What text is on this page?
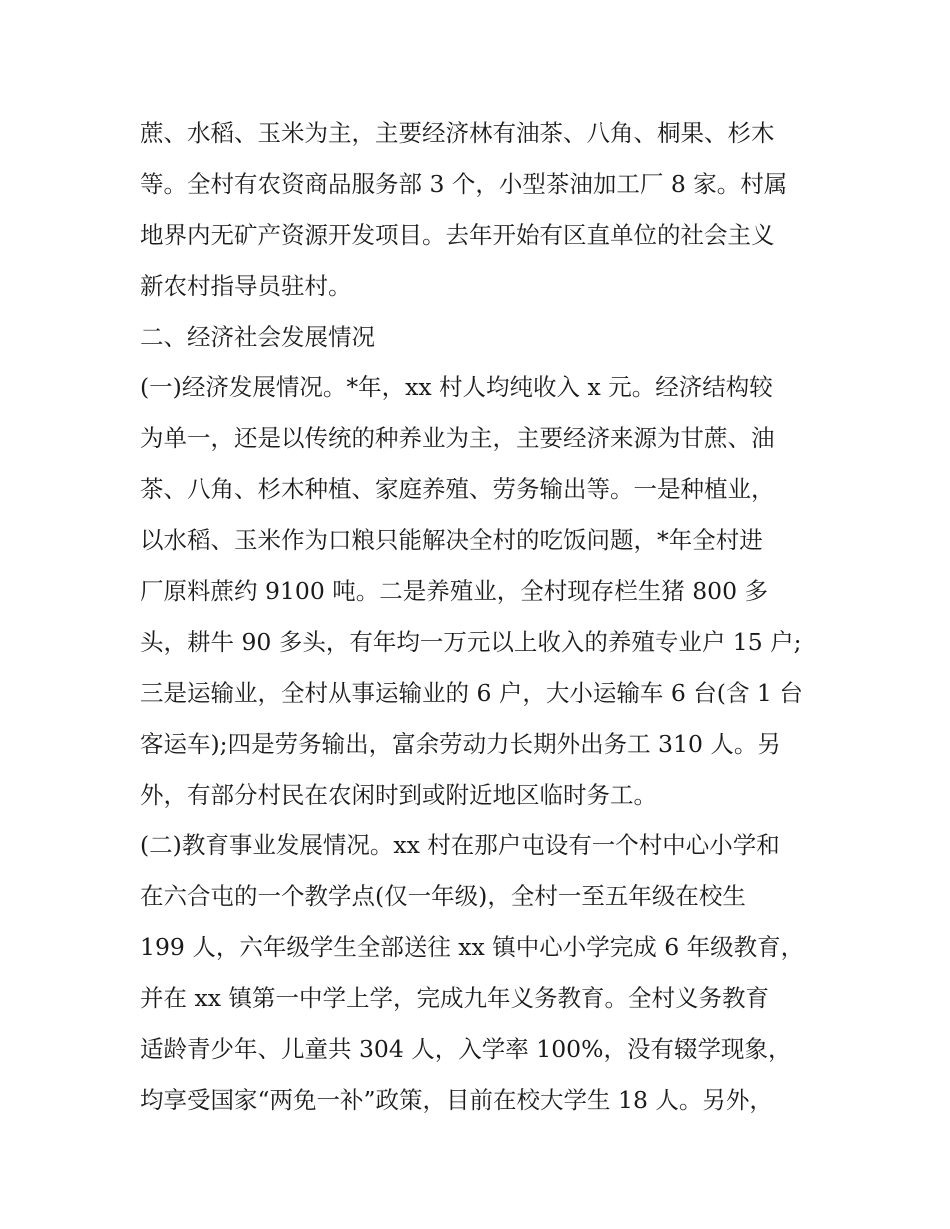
蔗、水稻、玉米为主，主要经济林有油茶、八角、桐果、杉木
等。全村有农资商品服务部 3 个，小型茶油加工厂 8 家。村属
地界内无矿产资源开发项目。去年开始有区直单位的社会主义
新农村指导员驻村。
二、经济社会发展情况
(一)经济发展情况。*年，xx 村人均纯收入 x 元。经济结构较
为单一，还是以传统的种养业为主，主要经济来源为甘蔗、油
茶、八角、杉木种植、家庭养殖、劳务输出等。一是种植业，
以水稻、玉米作为口粮只能解决全村的吃饭问题，*年全村进
厂原料蔗约 9100 吨。二是养殖业，全村现存栏生猪 800 多
头，耕牛 90 多头，有年均一万元以上收入的养殖专业户 15 户;
三是运输业，全村从事运输业的 6 户，大小运输车 6 台(含 1 台
客运车);四是劳务输出，富余劳动力长期外出务工 310 人。另
外，有部分村民在农闲时到或附近地区临时务工。
(二)教育事业发展情况。xx 村在那户屯设有一个村中心小学和
在六合屯的一个教学点(仅一年级)，全村一至五年级在校生
199 人，六年级学生全部送往 xx 镇中心小学完成 6 年级教育，
并在 xx 镇第一中学上学，完成九年义务教育。全村义务教育
适龄青少年、儿童共 304 人，入学率 100%，没有辍学现象，
均享受国家“两免一补”政策，目前在校大学生 18 人。另外，
